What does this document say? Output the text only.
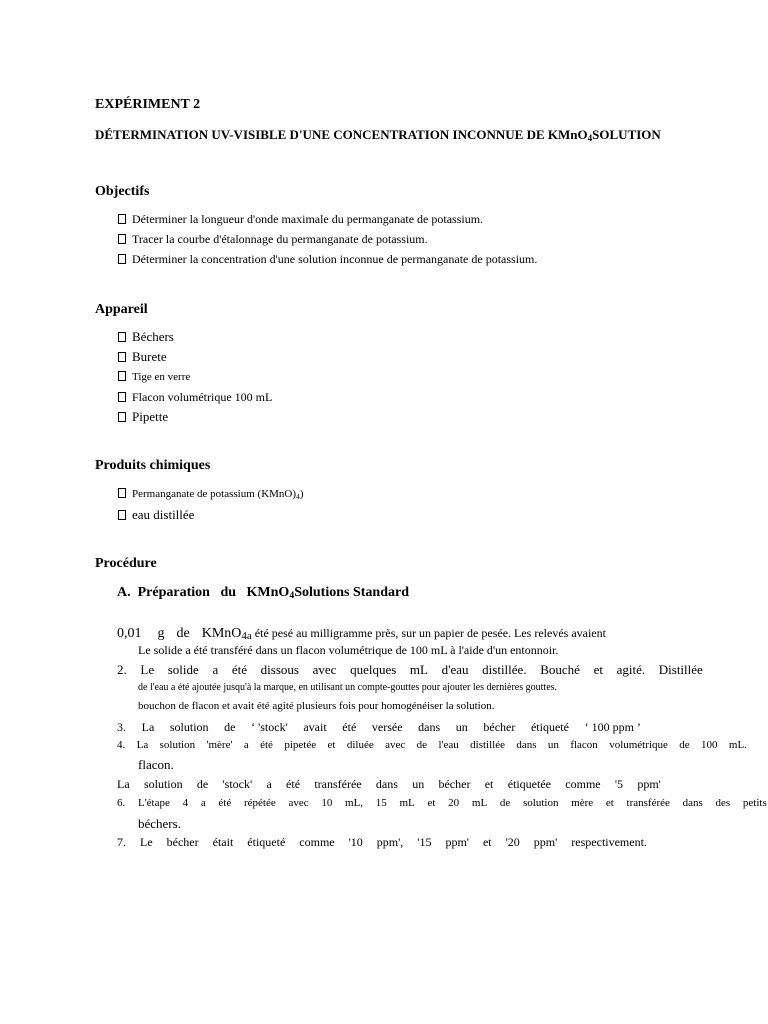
EXPÉRIMENT 2
DÉTERMINATION UV-VISIBLE D'UNE CONCENTRATION INCONNUE DE KMnO$_4$SOLUTION
Objectifs
Déterminer la longueur d'onde maximale du permanganate de potassium.
Tracer la courbe d'étalonnage du permanganate de potassium.
Déterminer la concentration d'une solution inconnue de permanganate de potassium.
Appareil
Béchers
Burete
Tige en verre
Flacon volumétrique 100 mL
Pipette
Produits chimiques
Permanganate de potassium $(KMnO)_4$)
eau distillée
Procédure
A. Préparation du KMnO$_4$Solutions Standard
0,01 g de KMnO$_{4a}$ été pesé au milligramme près, sur un papier de pesée. Les relevés avaient
Le solide a été transféré dans un flacon volumétrique de 100 mL à l'aide d'un entonnoir.
2. Le solide a été dissous avec quelques mL d'eau distillée. Bouché et agité. Distillée
de l'eau a été ajoutée jusqu'à la marque, en utilisant un compte-gouttes pour ajouter les dernières gouttes.
bouchon de flacon et avait été agité plusieurs fois pour homogénéiser la solution.
3. La solution de ‘ 'stock' avait été versée dans un bécher étiqueté ‘ 100 ppm ’
4. La solution 'mère' a été pipetée et diluée avec de l'eau distillée dans un flacon volumétrique de 100 mL.
flacon.
La solution de 'stock' a été transférée dans un bécher et étiquetée comme '5 ppm'
6. L'étape 4 a été répétée avec 10 mL, 15 mL et 20 mL de solution mère et transférée dans des petits
béchers.
7. Le bécher était étiqueté comme '10 ppm', '15 ppm' et '20 ppm' respectivement.
